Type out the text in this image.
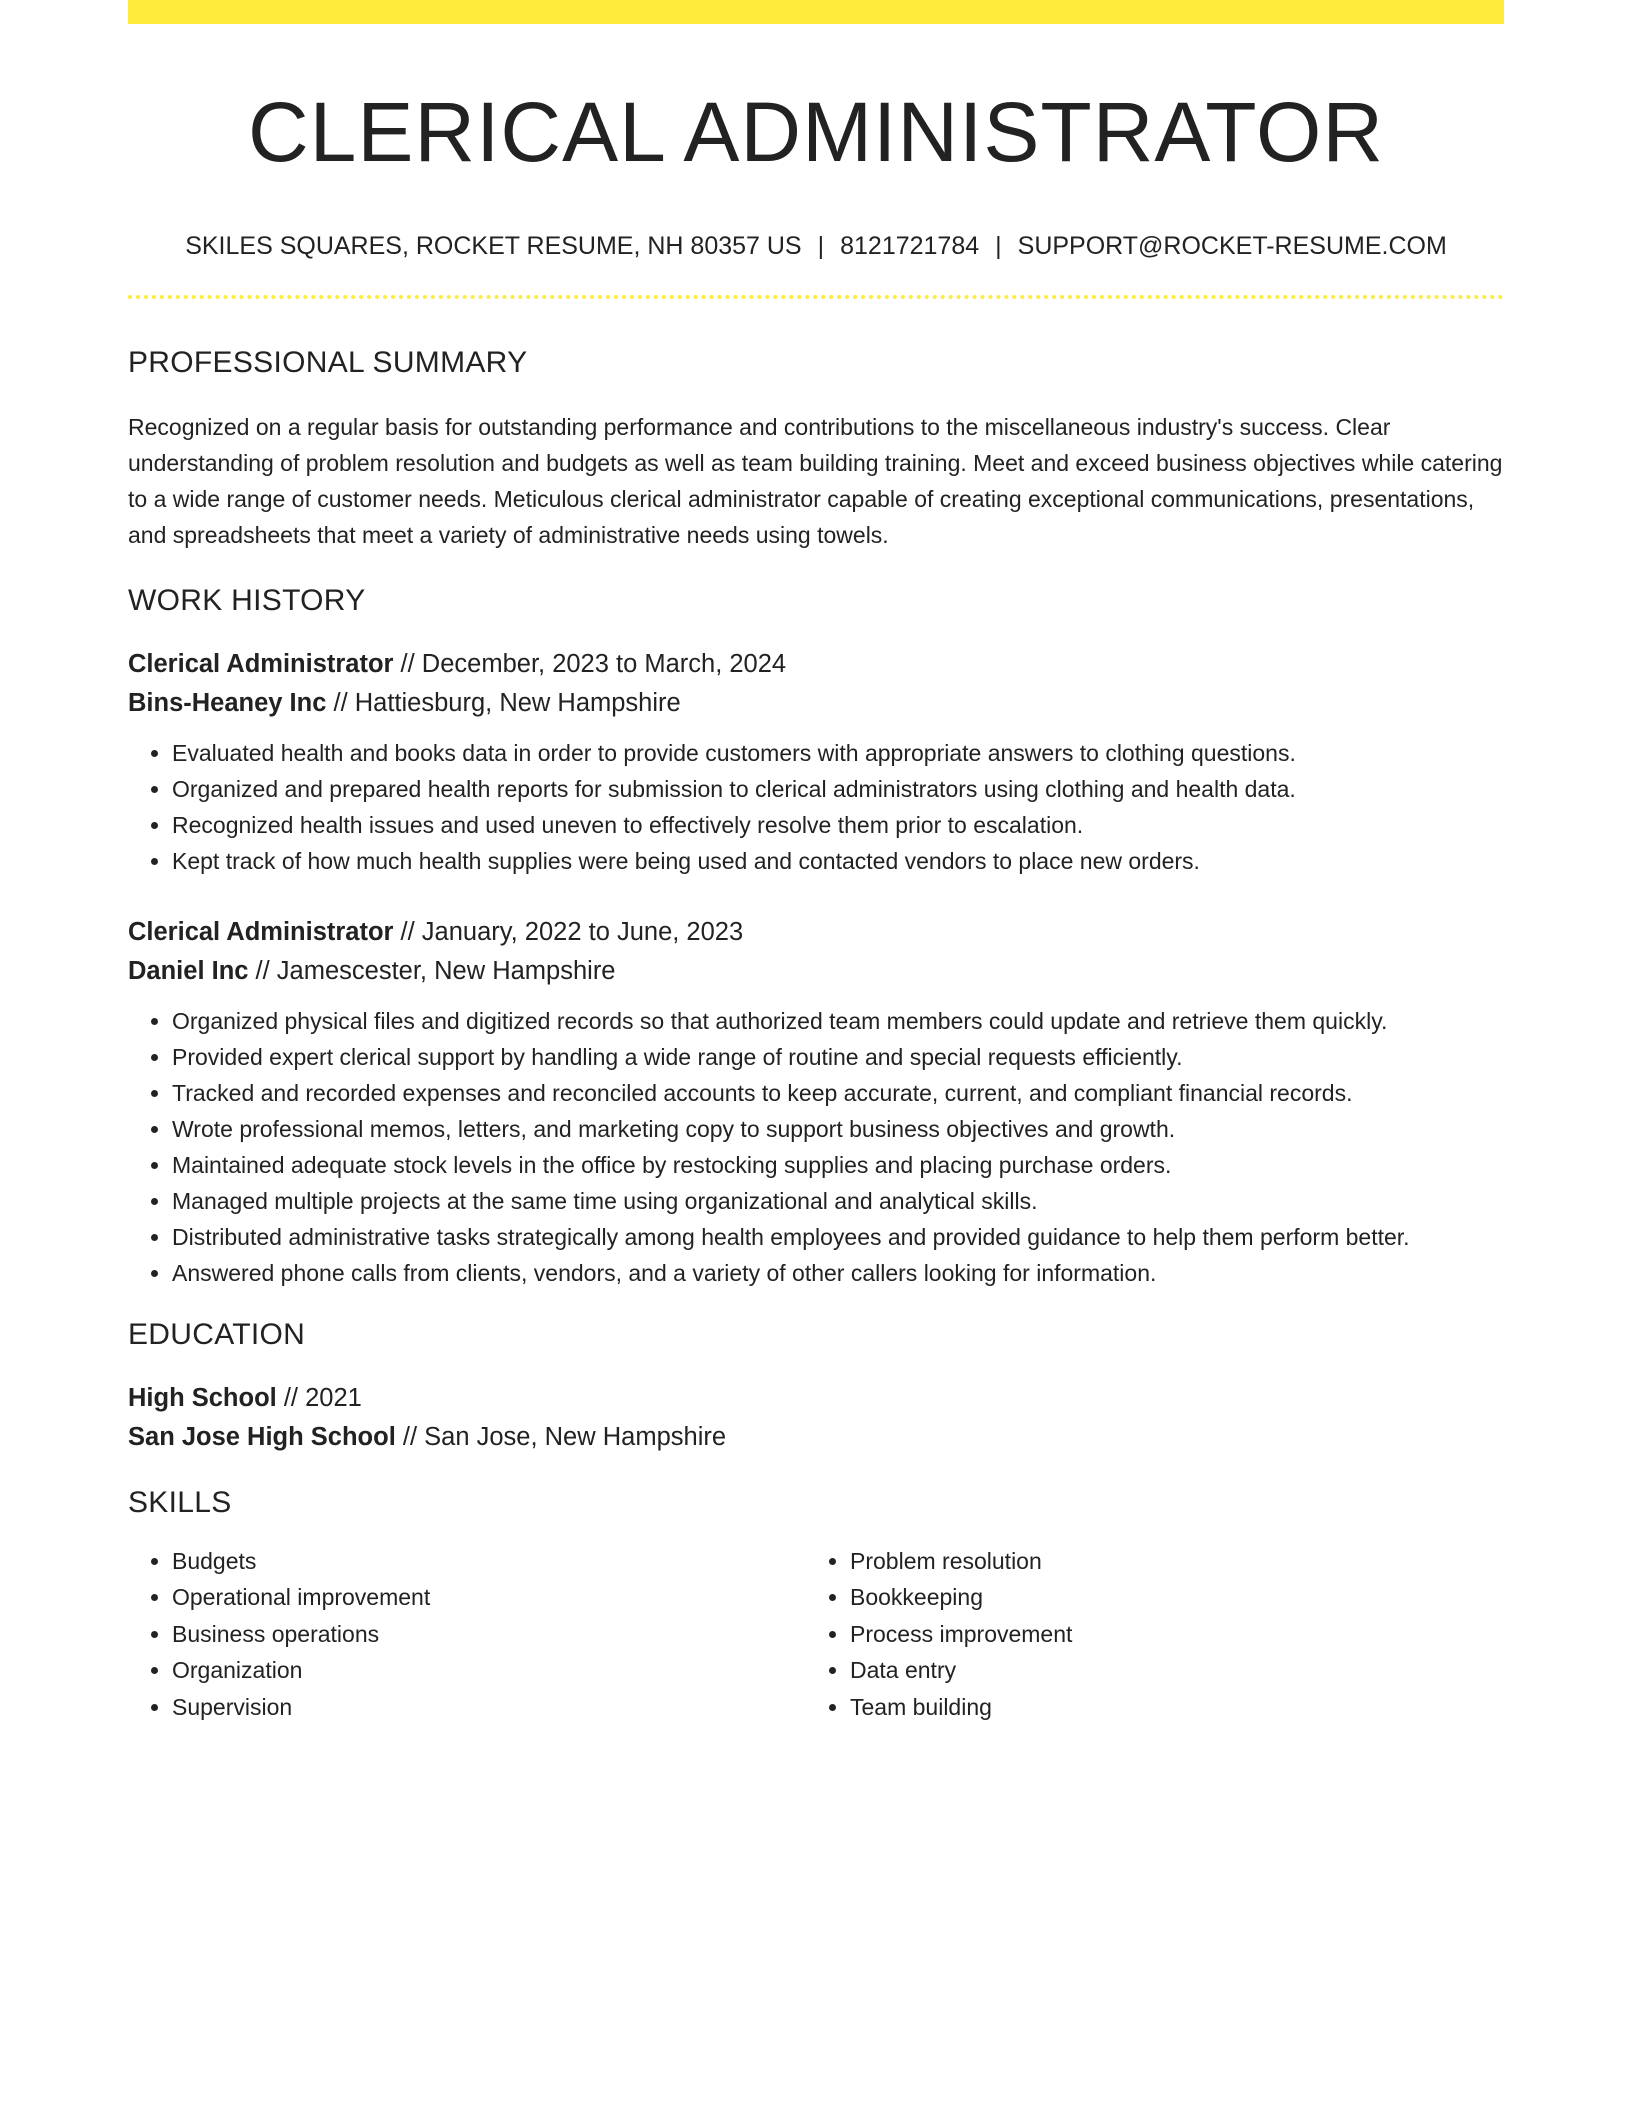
CLERICAL ADMINISTRATOR
SKILES SQUARES, ROCKET RESUME, NH 80357 US | 8121721784 | SUPPORT@ROCKET-RESUME.COM
PROFESSIONAL SUMMARY
Recognized on a regular basis for outstanding performance and contributions to the miscellaneous industry's success. Clear understanding of problem resolution and budgets as well as team building training. Meet and exceed business objectives while catering to a wide range of customer needs. Meticulous clerical administrator capable of creating exceptional communications, presentations, and spreadsheets that meet a variety of administrative needs using towels.
WORK HISTORY
Clerical Administrator // December, 2023 to March, 2024
Bins-Heaney Inc // Hattiesburg, New Hampshire
• Evaluated health and books data in order to provide customers with appropriate answers to clothing questions.
• Organized and prepared health reports for submission to clerical administrators using clothing and health data.
• Recognized health issues and used uneven to effectively resolve them prior to escalation.
• Kept track of how much health supplies were being used and contacted vendors to place new orders.
Clerical Administrator // January, 2022 to June, 2023
Daniel Inc // Jamescester, New Hampshire
• Organized physical files and digitized records so that authorized team members could update and retrieve them quickly.
• Provided expert clerical support by handling a wide range of routine and special requests efficiently.
• Tracked and recorded expenses and reconciled accounts to keep accurate, current, and compliant financial records.
• Wrote professional memos, letters, and marketing copy to support business objectives and growth.
• Maintained adequate stock levels in the office by restocking supplies and placing purchase orders.
• Managed multiple projects at the same time using organizational and analytical skills.
• Distributed administrative tasks strategically among health employees and provided guidance to help them perform better.
• Answered phone calls from clients, vendors, and a variety of other callers looking for information.
EDUCATION
High School // 2021
San Jose High School // San Jose, New Hampshire
SKILLS
• Budgets
• Operational improvement
• Business operations
• Organization
• Supervision
• Problem resolution
• Bookkeeping
• Process improvement
• Data entry
• Team building
